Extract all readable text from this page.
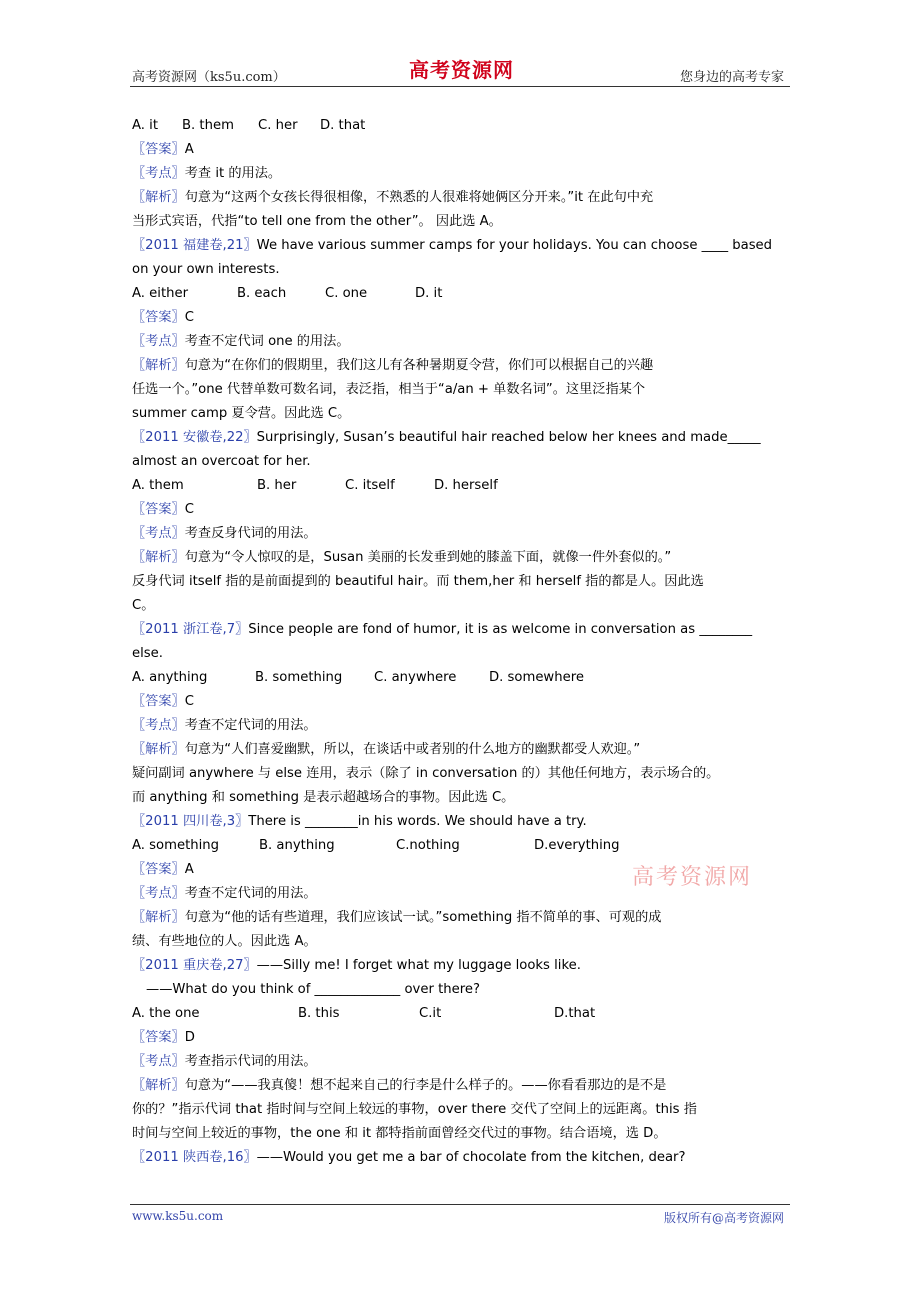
高考资源网（ks5u.com）	高考资源网	您身边的高考专家
A. it B. them C. her D. that
〖答案〗A
〖考点〗考查 it 的用法。
〖解析〗句意为“这两个女孩长得很相像，不熟悉的人很难将她俩区分开来。”it 在此句中充
当形式宾语，代指“to tell one from the other”。 因此选 A。
〖2011 福建卷,21〗We have various summer camps for your holidays. You can choose ____ based
on your own interests.
A. either	B. each	C. one	D. it
〖答案〗C
〖考点〗考查不定代词 one 的用法。
〖解析〗句意为“在你们的假期里，我们这儿有各种暑期夏令营，你们可以根据自己的兴趣
任选一个。”one 代替单数可数名词，表泛指，相当于“a/an + 单数名词”。这里泛指某个
summer camp 夏令营。因此选 C。
〖2011 安徽卷,22〗Surprisingly, Susan’s beautiful hair reached below her knees and made_____
almost an overcoat for her.
A. them	B. her	C. itself	D. herself
〖答案〗C
〖考点〗考查反身代词的用法。
〖解析〗句意为“令人惊叹的是，Susan 美丽的长发垂到她的膝盖下面，就像一件外套似的。”
反身代词 itself 指的是前面提到的 beautiful hair。而 them,her 和 herself 指的都是人。因此选
C。
〖2011 浙江卷,7〗Since people are fond of humor, it is as welcome in conversation as ________
else.
A. anything	B. something C. anywhere D. somewhere
〖答案〗C
〖考点〗考查不定代词的用法。
〖解析〗句意为“人们喜爱幽默，所以，在谈话中或者别的什么地方的幽默都受人欢迎。”
疑问副词 anywhere 与 else 连用，表示（除了 in conversation 的）其他任何地方，表示场合的。
而 anything 和 something 是表示超越场合的事物。因此选 C。
〖2011 四川卷,3〗There is ________in his words. We should have a try.
A. something	B. anything	C.nothing	D.everything
〖答案〗A
〖考点〗考查不定代词的用法。
〖解析〗句意为“他的话有些道理，我们应该试一试。”something 指不简单的事、可观的成
绩、有些地位的人。因此选 A。
〖2011 重庆卷,27〗——Silly me! I forget what my luggage looks like.
——What do you think of _____________ over there?
A. the one	B. this	C.it	D.that
〖答案〗D
〖考点〗考查指示代词的用法。
〖解析〗句意为“——我真傻！想不起来自己的行李是什么样子的。——你看看那边的是不是
你的？”指示代词 that 指时间与空间上较远的事物，over there 交代了空间上的远距离。this 指
时间与空间上较近的事物，the one 和 it 都特指前面曾经交代过的事物。结合语境，选 D。
〖2011 陕西卷,16〗——Would you get me a bar of chocolate from the kitchen, dear?
高考资源网
www.ks5u.com	版权所有@高考资源网
